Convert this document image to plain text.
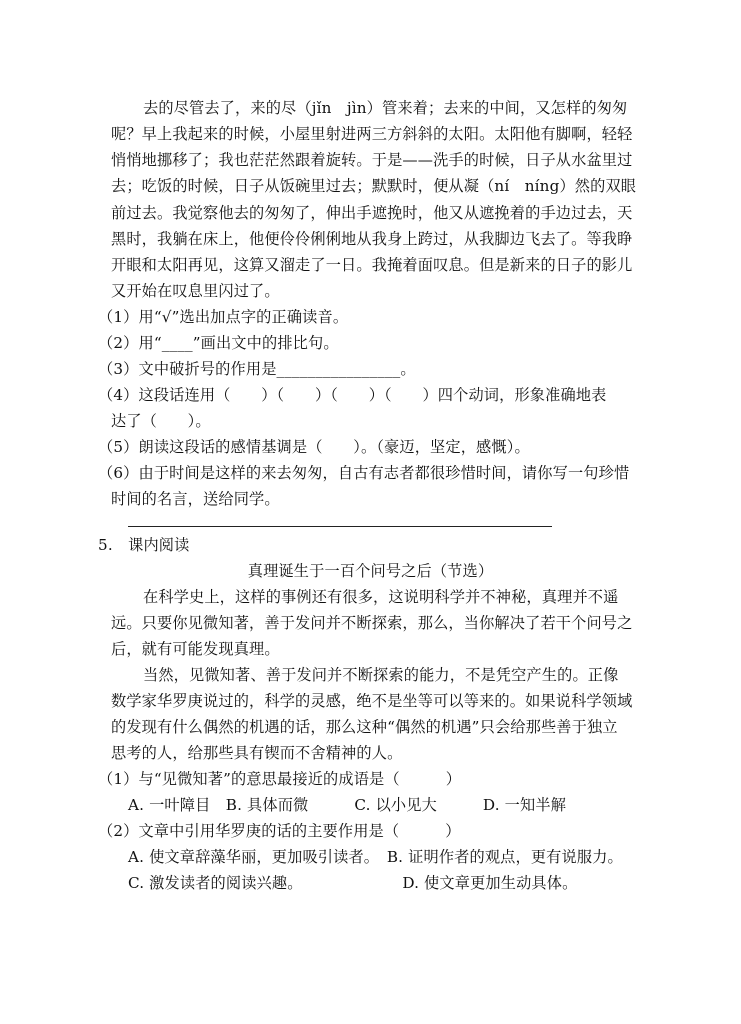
去的尽管去了，来的尽（jǐn　jìn）管来着；去来的中间，又怎样的匆匆
呢？早上我起来的时候，小屋里射进两三方斜斜的太阳。太阳他有脚啊，轻轻
悄悄地挪移了；我也茫茫然跟着旋转。于是——洗手的时候，日子从水盆里过
去；吃饭的时候，日子从饭碗里过去；默默时，便从凝（ní　níng）然的双眼
前过去。我觉察他去的匆匆了，伸出手遮挽时，他又从遮挽着的手边过去，天
黑时，我躺在床上，他便伶伶俐俐地从我身上跨过，从我脚边飞去了。等我睁
开眼和太阳再见，这算又溜走了一日。我掩着面叹息。但是新来的日子的影儿
又开始在叹息里闪过了。
（1）用“√”选出加点字的正确读音。
（2）用“____”画出文中的排比句。
（3）文中破折号的作用是________________。
（4）这段话连用（　　）（　　）（　　）（　　）四个动词，形象准确地表
达了（　　）。
（5）朗读这段话的感情基调是（　　）。（豪迈，坚定，感慨）。
（6）由于时间是这样的来去匆匆，自古有志者都很珍惜时间，请你写一句珍惜
时间的名言，送给同学。
5.　课内阅读
真理诞生于一百个问号之后（节选）
在科学史上，这样的事例还有很多，这说明科学并不神秘，真理并不遥
远。只要你见微知著，善于发问并不断探索，那么，当你解决了若干个问号之
后，就有可能发现真理。
当然，见微知著、善于发问并不断探索的能力，不是凭空产生的。正像
数学家华罗庚说过的，科学的灵感，绝不是坐等可以等来的。如果说科学领域
的发现有什么偶然的机遇的话，那么这种“偶然的机遇”只会给那些善于独立
思考的人，给那些具有锲而不舍精神的人。
（1）与“见微知著”的意思最接近的成语是（　　　）
A. 一叶障目　B. 具体而微　　　C. 以小见大　　　D. 一知半解
（2）文章中引用华罗庚的话的主要作用是（　　　）
A. 使文章辞藻华丽，更加吸引读者。　B. 证明作者的观点，更有说服力。
C. 激发读者的阅读兴趣。　　　　　　　D. 使文章更加生动具体。
